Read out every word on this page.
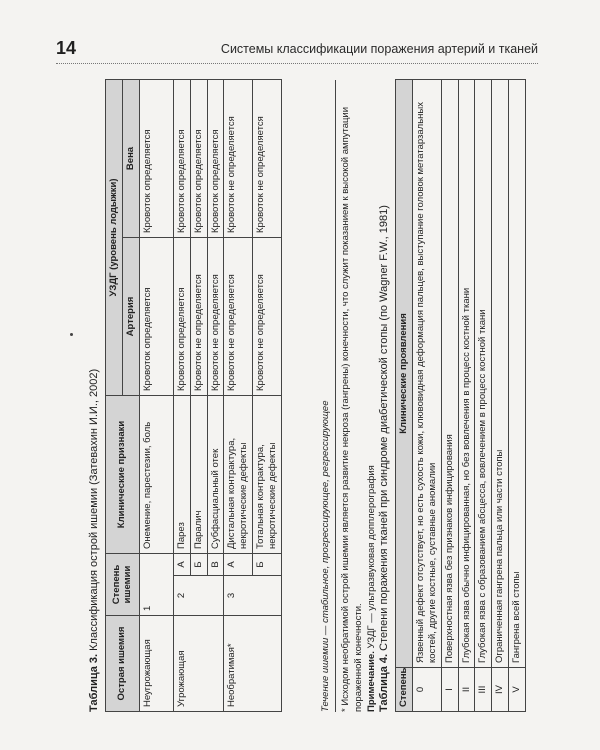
14	Системы классификации поражения артерий и тканей
Таблица 3. Классификация острой ишемии (Затевахин И.И., 2002)
Острая ишемия	Степень ишемии		Клинические признаки	УЗДГ (уровень лодыжки)	
				Артерия	Вена
Неугрожающая	1		Онемение, парестезии, боль	Кровоток определяется	Кровоток определяется
Угрожающая	2	А	Парез	Кровоток определяется	Кровоток определяется
		Б	Паралич	Кровоток не определяется	Кровоток определяется
		В	Субфасциальный отек	Кровоток не определяется	Кровоток определяется
Необратимая*	3	А	Дистальная контрактура, некротические дефекты	Кровоток не определяется	Кровоток не определяется
		Б	Тотальная контрактура, некротические дефекты	Кровоток не определяется	Кровоток не определяется

Течение ишемии — стабильное, прогрессирующее, регрессирующее * Исходом необратимой острой ишемии является развитие некроза (гангрены) конечности, что служит показанием к высокой ампутации пораженной конечности. Примечание. УЗДГ — ультразвуковая допплерография

Таблица 4. Степени поражения тканей при синдроме диабетической стопы (по Wagner F.W., 1981)
Степень	Клинические проявления
0	Язвенный дефект отсутствует, но есть сухость кожи, клювовидная деформация пальцев, выступание головок метатарзальных костей, другие костные, суставные аномалии
I	Поверхностная язва без признаков инфицирования
II	Глубокая язва обычно инфицированная, но без вовлечения в процесс костной ткани
III	Глубокая язва с образованием абсцесса, вовлечением в процесс костной ткани
IV	Ограниченная гангрена пальца или части стопы
V	Гангрена всей стопы
